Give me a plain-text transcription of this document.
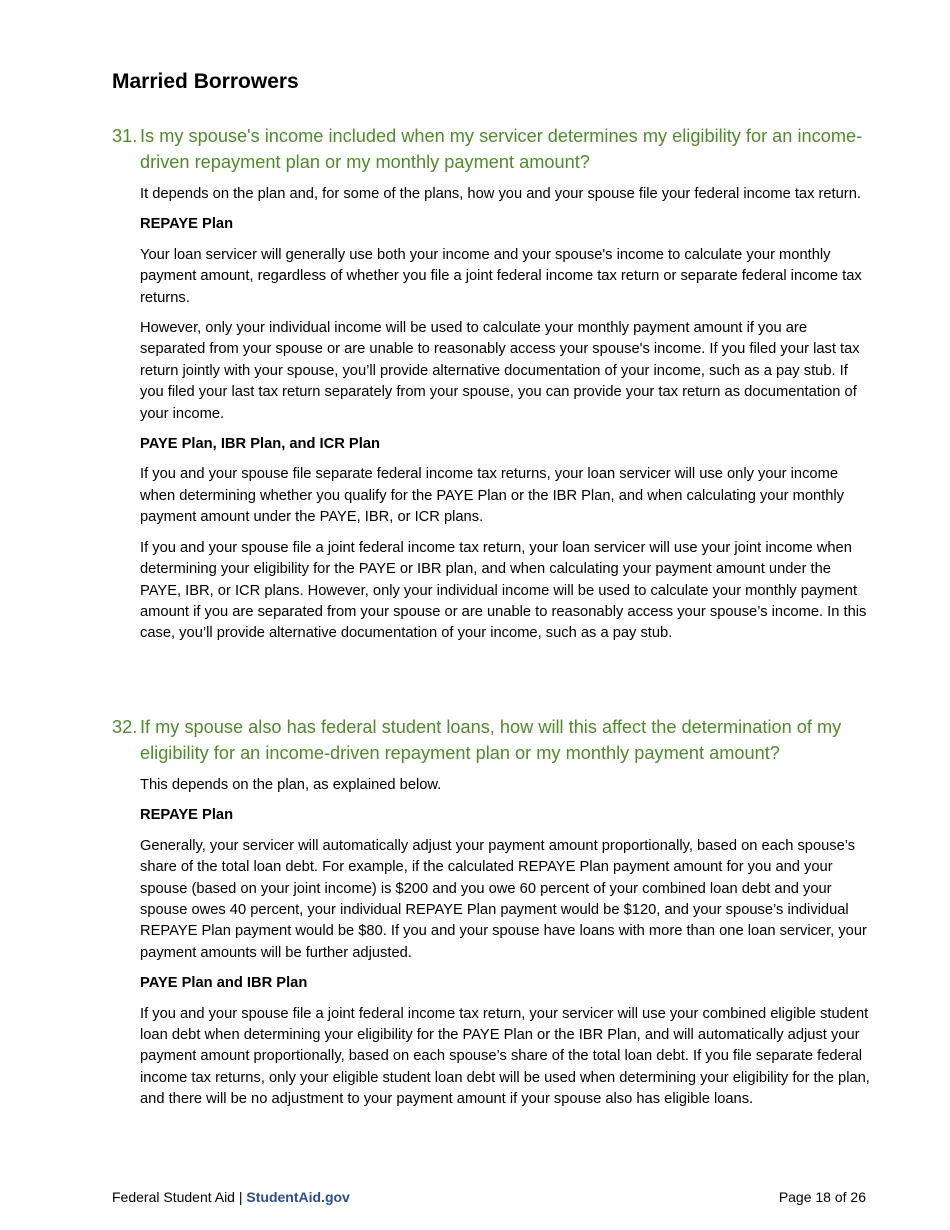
Married Borrowers
31. Is my spouse's income included when my servicer determines my eligibility for an income-driven repayment plan or my monthly payment amount?

It depends on the plan and, for some of the plans, how you and your spouse file your federal income tax return.

REPAYE Plan

Your loan servicer will generally use both your income and your spouse's income to calculate your monthly payment amount, regardless of whether you file a joint federal income tax return or separate federal income tax returns.

However, only your individual income will be used to calculate your monthly payment amount if you are separated from your spouse or are unable to reasonably access your spouse's income. If you filed your last tax return jointly with your spouse, you’ll provide alternative documentation of your income, such as a pay stub. If you filed your last tax return separately from your spouse, you can provide your tax return as documentation of your income.

PAYE Plan, IBR Plan, and ICR Plan

If you and your spouse file separate federal income tax returns, your loan servicer will use only your income when determining whether you qualify for the PAYE Plan or the IBR Plan, and when calculating your monthly payment amount under the PAYE, IBR, or ICR plans.

If you and your spouse file a joint federal income tax return, your loan servicer will use your joint income when determining your eligibility for the PAYE or IBR plan, and when calculating your payment amount under the PAYE, IBR, or ICR plans. However, only your individual income will be used to calculate your monthly payment amount if you are separated from your spouse or are unable to reasonably access your spouse’s income. In this case, you’ll provide alternative documentation of your income, such as a pay stub.

32. If my spouse also has federal student loans, how will this affect the determination of my eligibility for an income-driven repayment plan or my monthly payment amount?

This depends on the plan, as explained below.

REPAYE Plan

Generally, your servicer will automatically adjust your payment amount proportionally, based on each spouse’s share of the total loan debt. For example, if the calculated REPAYE Plan payment amount for you and your spouse (based on your joint income) is $200 and you owe 60 percent of your combined loan debt and your spouse owes 40 percent, your individual REPAYE Plan payment would be $120, and your spouse’s individual REPAYE Plan payment would be $80. If you and your spouse have loans with more than one loan servicer, your payment amounts will be further adjusted.

PAYE Plan and IBR Plan

If you and your spouse file a joint federal income tax return, your servicer will use your combined eligible student loan debt when determining your eligibility for the PAYE Plan or the IBR Plan, and will automatically adjust your payment amount proportionally, based on each spouse’s share of the total loan debt. If you file separate federal income tax returns, only your eligible student loan debt will be used when determining your eligibility for the plan, and there will be no adjustment to your payment amount if your spouse also has eligible loans.

Federal Student Aid | StudentAid.gov	Page 18 of 26
